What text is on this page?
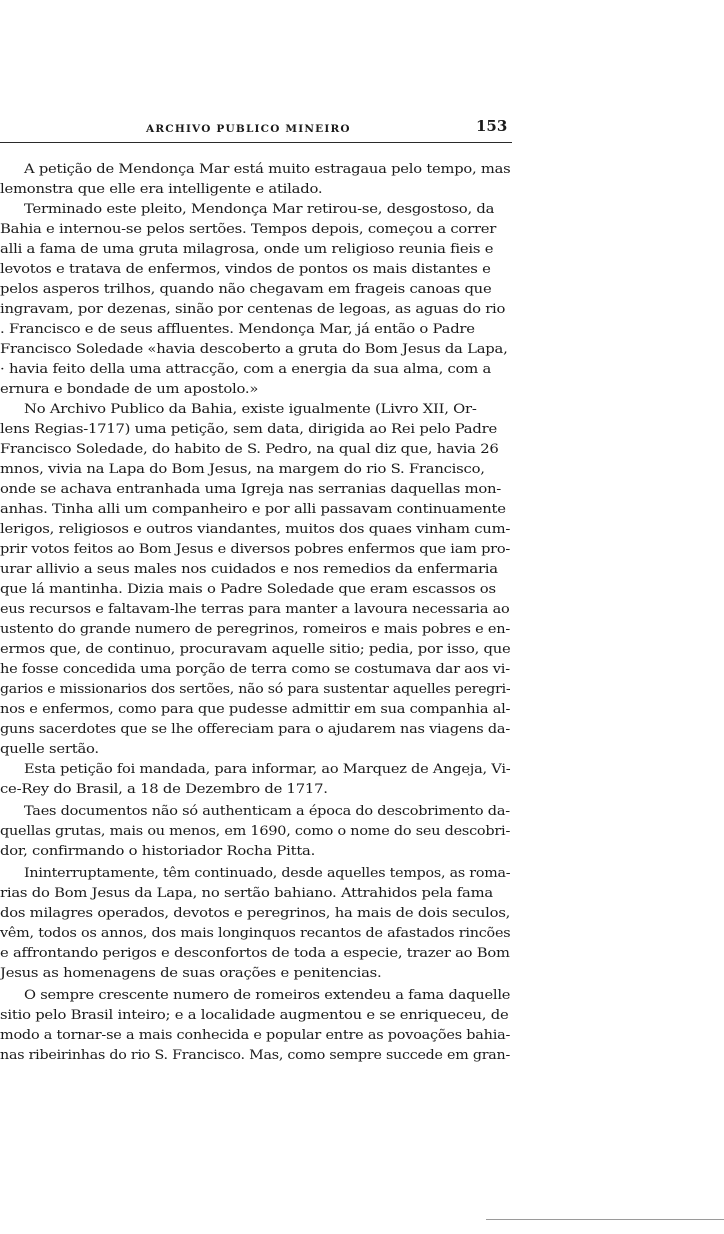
ARCHIVO PUBLICO MINEIRO	153
A petição de Mendonça Mar está muito estragaua pelo tempo, mas
lemonstra que elle era intelligente e atilado.
Terminado este pleito, Mendonça Mar retirou-se, desgostoso, da
Bahia e internou-se pelos sertões. Tempos depois, começou a correr
alli a fama de uma gruta milagrosa, onde um religioso reunia fieis e
levotos e tratava de enfermos, vindos de pontos os mais distantes e
pelos asperos trilhos, quando não chegavam em frageis canoas que
ingravam, por dezenas, sinão por centenas de legoas, as aguas do rio
. Francisco e de seus affluentes. Mendonça Mar, já então o Padre
Francisco Soledade «havia descoberto a gruta do Bom Jesus da Lapa,
· havia feito della uma attracção, com a energia da sua alma, com a
ernura e bondade de um apostolo.»
No Archivo Publico da Bahia, existe igualmente (Livro XII, Or-
lens Regias-1717) uma petição, sem data, dirigida ao Rei pelo Padre
Francisco Soledade, do habito de S. Pedro, na qual diz que, havia 26
mnos, vivia na Lapa do Bom Jesus, na margem do rio S. Francisco,
onde se achava entranhada uma Igreja nas serranias daquellas mon-
anhas. Tinha alli um companheiro e por alli passavam continuamente
lerigos, religiosos e outros viandantes, muitos dos quaes vinham cum-
prir votos feitos ao Bom Jesus e diversos pobres enfermos que iam pro-
urar allivio a seus males nos cuidados e nos remedios da enfermaria
que lá mantinha. Dizia mais o Padre Soledade que eram escassos os
eus recursos e faltavam-lhe terras para manter a lavoura necessaria ao
ustento do grande numero de peregrinos, romeiros e mais pobres e en-
ermos que, de continuo, procuravam aquelle sitio; pedia, por isso, que
he fosse concedida uma porção de terra como se costumava dar aos vi-
garios e missionarios dos sertões, não só para sustentar aquelles peregri-
nos e enfermos, como para que pudesse admittir em sua companhia al-
guns sacerdotes que se lhe offereciam para o ajudarem nas viagens da-
quelle sertão.
Esta petição foi mandada, para informar, ao Marquez de Angeja, Vi-
ce-Rey do Brasil, a 18 de Dezembro de 1717.
Taes documentos não só authenticam a época do descobrimento da-
quellas grutas, mais ou menos, em 1690, como o nome do seu descobri-
dor, confirmando o historiador Rocha Pitta.
Ininterruptamente, têm continuado, desde aquelles tempos, as roma-
rias do Bom Jesus da Lapa, no sertão bahiano. Attrahidos pela fama
dos milagres operados, devotos e peregrinos, ha mais de dois seculos,
vêm, todos os annos, dos mais longinquos recantos de afastados rincões
e affrontando perigos e desconfortos de toda a especie, trazer ao Bom
Jesus as homenagens de suas orações e penitencias.
O sempre crescente numero de romeiros extendeu a fama daquelle
sitio pelo Brasil inteiro; e a localidade augmentou e se enriqueceu, de
modo a tornar-se a mais conhecida e popular entre as povoações bahia-
nas ribeirinhas do rio S. Francisco. Mas, como sempre succede em gran-
